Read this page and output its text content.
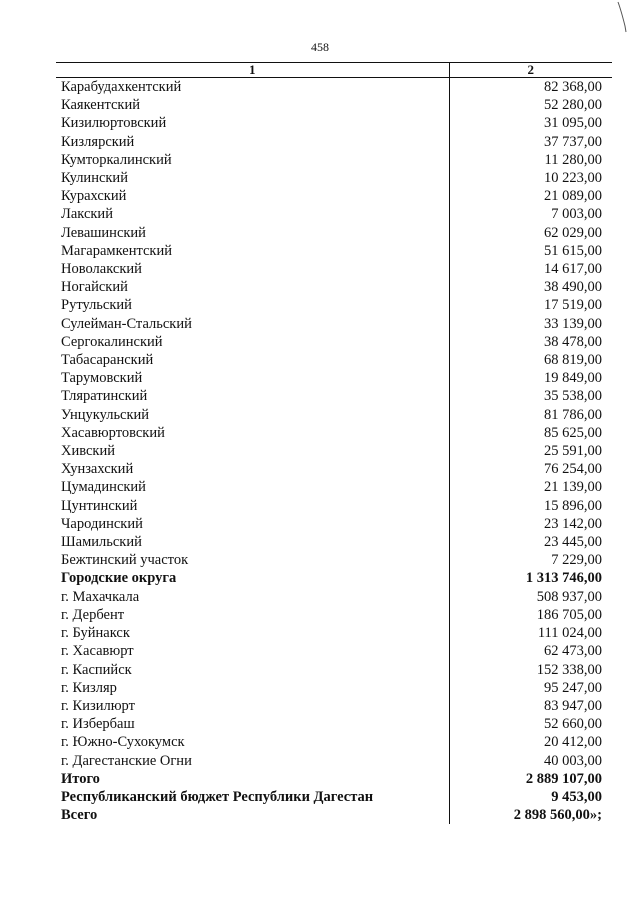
458
1	2
Карабудахкентский	82 368,00
Каякентский	52 280,00
Кизилюртовский	31 095,00
Кизлярский	37 737,00
Кумторкалинский	11 280,00
Кулинский	10 223,00
Курахский	21 089,00
Лакский	7 003,00
Левашинский	62 029,00
Магарамкентский	51 615,00
Новолакский	14 617,00
Ногайский	38 490,00
Рутульский	17 519,00
Сулейман-Стальский	33 139,00
Сергокалинский	38 478,00
Табасаранский	68 819,00
Тарумовский	19 849,00
Тляратинский	35 538,00
Унцукульский	81 786,00
Хасавюртовский	85 625,00
Хивский	25 591,00
Хунзахский	76 254,00
Цумадинский	21 139,00
Цунтинский	15 896,00
Чародинский	23 142,00
Шамильский	23 445,00
Бежтинский участок	7 229,00
Городские округа	1 313 746,00
г. Махачкала	508 937,00
г. Дербент	186 705,00
г. Буйнакск	111 024,00
г. Хасавюрт	62 473,00
г. Каспийск	152 338,00
г. Кизляр	95 247,00
г. Кизилюрт	83 947,00
г. Избербаш	52 660,00
г. Южно-Сухокумск	20 412,00
г. Дагестанские Огни	40 003,00
Итого	2 889 107,00
Республиканский бюджет Республики Дагестан	9 453,00
Всего	2 898 560,00»;
